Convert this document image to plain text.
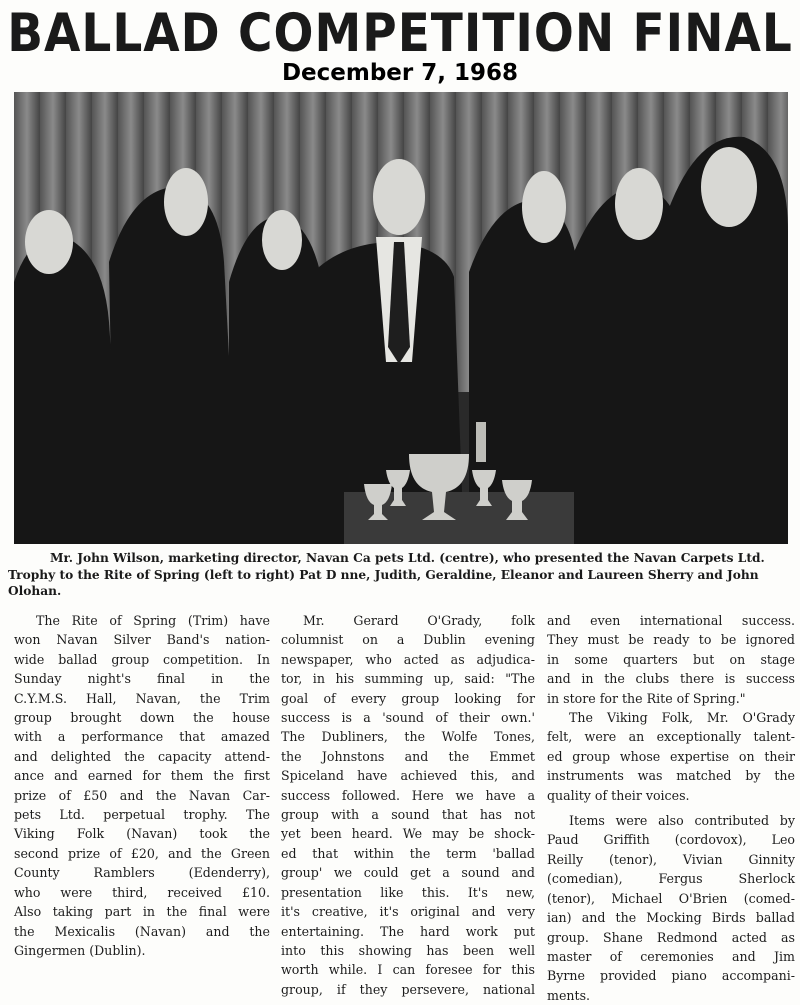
BALLAD COMPETITION FINAL
December 7, 1968
Mr. John Wilson, marketing director, Navan Ca pets Ltd. (centre), who presented the Navan Carpets Ltd. Trophy to the Rite of Spring (left to right) Pat D nne, Judith, Geraldine, Eleanor and Laureen Sherry and John Olohan.
The Rite of Spring (Trim) have
won Navan Silver Band's nation-
wide ballad group competition. In
Sunday night's final in the
C.Y.M.S. Hall, Navan, the Trim
group brought down the house
with a performance that amazed
and delighted the capacity attend-
ance and earned for them the first
prize of £50 and the Navan Car-
pets Ltd. perpetual trophy. The
Viking Folk (Navan) took the
second prize of £20, and the Green
County Ramblers (Edenderry),
who were third, received £10.
Also taking part in the final were
the Mexicalis (Navan) and the
Gingermen (Dublin).
Mr. Gerard O'Grady, folk
columnist on a Dublin evening
newspaper, who acted as adjudica-
tor, in his summing up, said: "The
goal of every group looking for
success is a 'sound of their own.'
The Dubliners, the Wolfe Tones,
the Johnstons and the Emmet
Spiceland have achieved this, and
success followed. Here we have a
group with a sound that has not
yet been heard. We may be shock-
ed that within the term 'ballad
group' we could get a sound and
presentation like this. It's new,
it's creative, it's original and very
entertaining. The hard work put
into this showing has been well
worth while. I can foresee for this
group, if they persevere, national
and even international success.
They must be ready to be ignored
in some quarters but on stage
and in the clubs there is success
in store for the Rite of Spring."
The Viking Folk, Mr. O'Grady
felt, were an exceptionally talent-
ed group whose expertise on their
instruments was matched by the
quality of their voices.
Items were also contributed by
Paud Griffith (cordovox), Leo
Reilly (tenor), Vivian Ginnity
(comedian), Fergus Sherlock
(tenor), Michael O'Brien (comed-
ian) and the Mocking Birds ballad
group. Shane Redmond acted as
master of ceremonies and Jim
Byrne provided piano accompani-
ments.
